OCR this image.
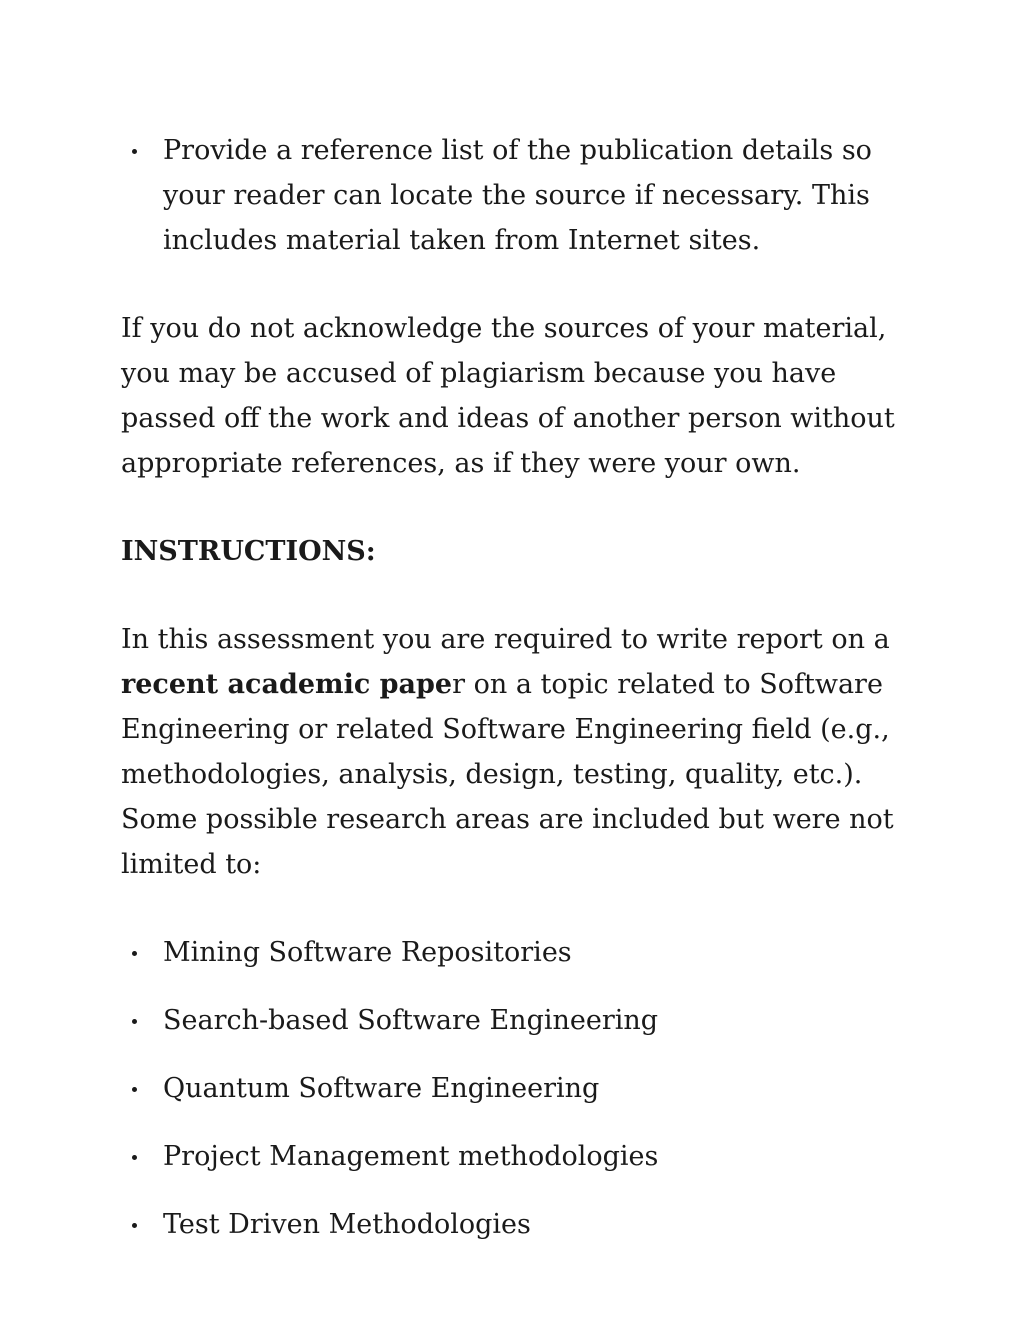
Provide a reference list of the publication details so your reader can locate the source if necessary. This includes material taken from Internet sites.

If you do not acknowledge the sources of your material, you may be accused of plagiarism because you have passed off the work and ideas of another person without appropriate references, as if they were your own.

INSTRUCTIONS:

In this assessment you are required to write report on a recent academic paper on a topic related to Software Engineering or related Software Engineering field (e.g., methodologies, analysis, design, testing, quality, etc.). Some possible research areas are included but were not limited to:

Mining Software Repositories
Search-based Software Engineering
Quantum Software Engineering
Project Management methodologies
Test Driven Methodologies
